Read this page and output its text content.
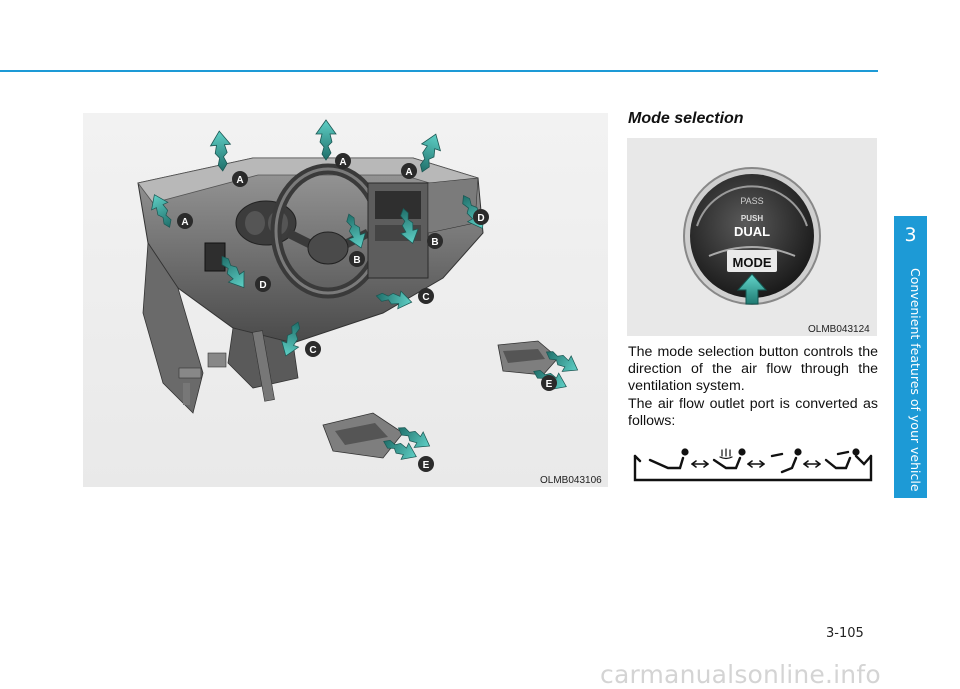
A
A
A
A
B
B
C
C
D
D
E
E
OLMB043106
Mode selection
PASS
PUSH
DUAL
MODE
OLMB043124

The mode selection button controls the direction of the air flow through the ventilation system.

The air flow outlet port is converted as follows:

3
Convenient features of your vehicle
3-105
carmanualsonline.info
